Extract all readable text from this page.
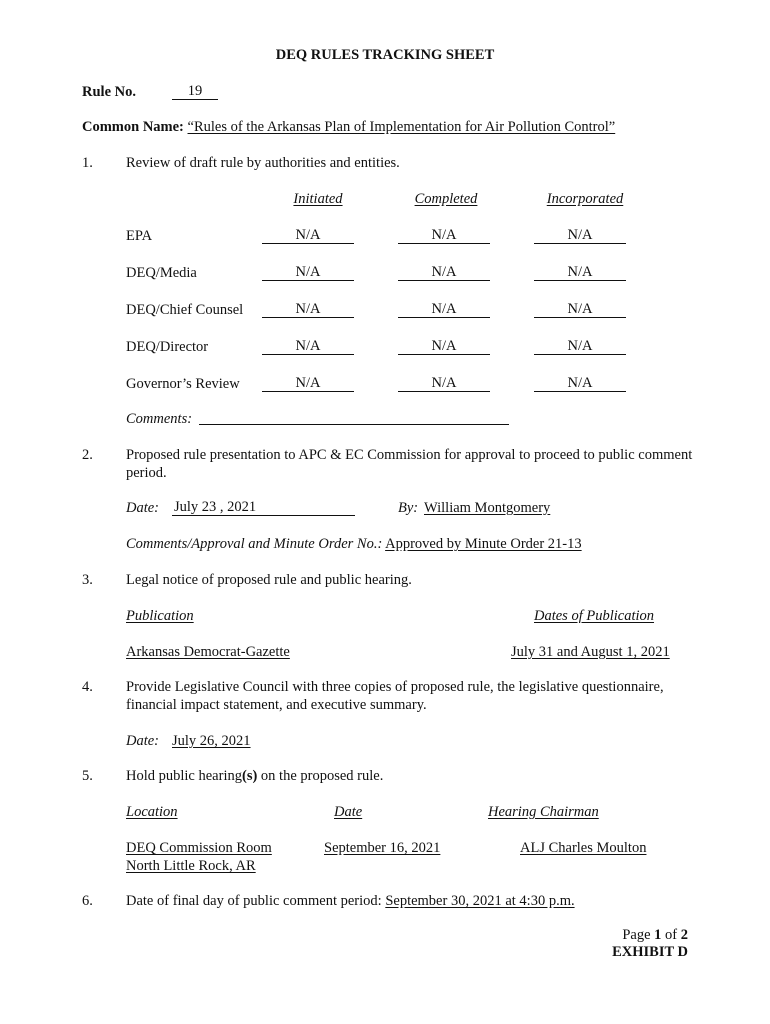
DEQ RULES TRACKING SHEET
Rule No.	19
Common Name: “Rules of the Arkansas Plan of Implementation for Air Pollution Control”
1. Review of draft rule by authorities and entities.
Initiated	Completed	Incorporated
EPA	N/A	N/A	N/A
DEQ/Media	N/A	N/A	N/A
DEQ/Chief Counsel	N/A	N/A	N/A
DEQ/Director	N/A	N/A	N/A
Governor’s Review	N/A	N/A	N/A
Comments:
2. Proposed rule presentation to APC & EC Commission for approval to proceed to public comment period.
Date: July 23 , 2021	By: William Montgomery
Comments/Approval and Minute Order No.: Approved by Minute Order 21-13
3. Legal notice of proposed rule and public hearing.
Publication	Dates of Publication
Arkansas Democrat-Gazette	July 31 and August 1, 2021
4. Provide Legislative Council with three copies of proposed rule, the legislative questionnaire, financial impact statement, and executive summary.
Date: July 26, 2021
5. Hold public hearing(s) on the proposed rule.
Location	Date	Hearing Chairman
DEQ Commission Room
North Little Rock, AR
September 16, 2021	ALJ Charles Moulton
6. Date of final day of public comment period: September 30, 2021 at 4:30 p.m.
Page 1 of 2
EXHIBIT D
